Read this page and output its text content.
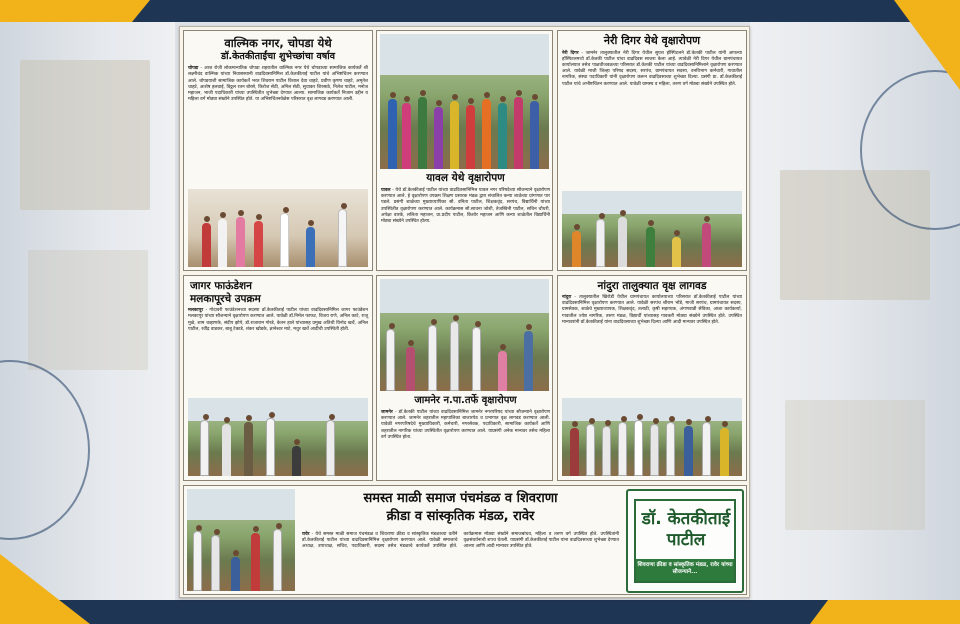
वाल्मिक नगर, चोपडा येथे
डॉ.केतकीताईंचा शुभेच्छांचा वर्षाव
चोपडा - आज रोजी लोकमान्यतिक चोपडा शहरातील वाल्मिक नगर येथे चोपडाच्या सामाजिक कार्यकर्ते श्री लक्ष्मीचंद वाल्मिक यांच्या निवासस्थानी वाढदिवसानिमित्त डॉ.केतकीताई पाटील यांचे अभिष्टचिंतन करण्यात आले. चोपडयाशी सामाजिक कार्यकर्ते भरत शिवराम पाटील विशाल देवा चाहटे, प्रवीण कृष्णा चाहटे, अमृतेश चाहटे, आशेष हलवाई, विठ्ठल रतन बोरसे, किरोज सेठी, अनिल सेठी, सुधाकर शिरसाठे, निलेश पाटील, मनोज महाजन, भाजी पदाधिकारी यांच्या उपस्थितीत शुभेच्छा देण्यात आल्या. सामाजिक कार्यकर्ते निजाम उद्दीन व महिला वर्ग मोठ्या संख्येने उपस्थित होते. या अभिष्टचिंतनवेळेस परिसरात वृक्ष लागवड करण्यात आली.
यावल येथे वृक्षारोपण
यावल - येथे डॉ.केतकीताई पाटील यांच्या वाढदिवसानिमित्त यावल नगर परिषदेच्या सौजन्याने वृक्षारोपण करण्यात आले. हे वृक्षारोपण उपक्रम शिक्षण प्रसारक मंडळ द्वारा संचालित कन्या शाळेच्या प्रांगणात पार पडले. प्रसंगी शाळेच्या मुख्याध्यापिका सौ. वनिता पाटील, शिक्षकवृंद, सरपंच, विद्यार्थिनी यांच्या उपस्थितीत वृक्षारोपण करण्यात आले. कार्यक्रमास सौ.साधना जोशी, तेजस्विनी पाटील, सचिन चौधरी, अपेक्षा वारके, ललिता महाजन, प्रा.प्रदीप पाटील, किशोर महाजन आणि कन्या शाळेतील विद्यार्थिनी मोठ्या संख्येने उपस्थित होत्या.
नेरी दिगर येथे वृक्षारोपण
नेरी दिगर - जामनेर तालुक्यातील नेरी दिगर येथील सुयश हॉस्पिटलने डॉ.केतकी पाटील यांनी आपल्या हॉस्पिटलमध्ये डॉ.केतकी पाटील यांचा वाढदिवस साजरा केला आहे. त्यावेळी नेरी दिगर येथील ग्रामपंचायत कार्यालयात तसेच पाळधीजवळच्या परिसरात डॉ.केतकी पाटील यांच्या वाढदिवसानिमित्ताने वृक्षारोपण करण्यात आले. यावेळी माजी जिल्हा परिषद सदस्य, सरपंच, ग्रामपंचायत सदस्य, वनविभाग कर्मचारी, गावातील नागरिक, संस्था पदाधिकारी यांनी वृक्षारोपण करून वाढदिवसाच्या शुभेच्छा दिल्या. प्रसंगी प्रा. डॉ.केतकीताई पाटील यांचे अभीष्टचिंतन करण्यात आले. यावेळी ग्रामस्थ व महिला, तरुण वर्ग मोठ्या संख्येने उपस्थित होते.
जागर फाऊंडेशन
मलकापूरचे उपक्रम
मलकापूर - गोदावरी फाउंडेशनच्या सदस्या डॉ.केतकीताई पाटील यांच्या वाढदिवसानिमित्त जागर फाउंडेशन मलकापूर यांच्या सौजन्याने वृक्षारोपण करण्यात आले. यावेळी डॉ.निर्मल फाफट, विजय राणे, अनिल काटे, राजू मुळे, शाम चव्हाणके, संदीप झोपे, डॉ.राजाराम गोरडे, केतन हाले यांच्यासह प्रमुख अतिथी विनोद खर्चे, अनिल पाटील, रवींद्र वाडकर, बाबू टेकाडे, शंकर खोडके, ज्ञानेश्वर माटे, मधुर खर्चे आदींची उपस्थिती होती.
जामनेर न.पा.तर्फे वृक्षारोपण
जामनेर - डॉ.केतकी पाटील यांच्या वाढदिवसानिमित्त जामनेर नगरपरिषद यांच्या सौजन्याने वृक्षारोपण करण्यात आले. जामनेर शहरातील महापालिका बाजारपेठ व प्रभागात वृक्ष लागवड करण्यात आली. यावेळी नगरपरिषदेचे मुख्याधिकारी, कर्मचारी, नगरसेवक, पदाधिकारी, सामाजिक कार्यकर्ते आणि शहरातील नागरिक यांच्या उपस्थितीत वृक्षारोपण करण्यात आले. याप्रसंगी अनेक मान्यवर तसेच महिला वर्ग उपस्थित होता.
नांदुरा तालुक्यात वृक्ष लागवड
नांदुरा - तालुक्यातील खिरोडी येथील ग्रामपंचायत कार्यालयाच्या परिसरात डॉ.केतकीताई पाटील यांच्या वाढदिवसानिमित्त वृक्षारोपण करण्यात आले. यावेळी सरपंच श्रीराम भोंडे, माजी सरपंच, ग्रामपंचायत सदस्य, ग्रामसेवक, शाळेचे मुख्याध्यापक, शिक्षकवृंद, तलाठी, कृषी सहाय्यक, अंगणवाडी सेविका, आशा कार्यकर्त्या, गावातील ज्येष्ठ नागरिक, तरुण मंडळ, विद्यार्थी यांच्यासह गावकरी मोठ्या संख्येने उपस्थित होते. उपस्थित मान्यवरांनी डॉ.केतकीताई यांना वाढदिवसाच्या शुभेच्छा दिल्या आणि आदी मान्यवर उपस्थित होते.
समस्त माळी समाज पंचमंडळ व शिवराणा
क्रीडा व सांस्कृतिक मंडळ, रावेर
रावेर - येथे समस्त माळी समाज पंचमंडळ व शिवराणा क्रीडा व सांस्कृतिक मंडळाच्या वतीने डॉ.केतकीताई पाटील यांच्या वाढदिवसानिमित्त वृक्षारोपण करण्यात आले. यावेळी समाजाचे अध्यक्ष, उपाध्यक्ष, सचिव, पदाधिकारी, सदस्य तसेच मंडळाचे कार्यकर्ते उपस्थित होते. कार्यक्रमास मोठ्या संख्येने समाजबांधव, महिला व तरुण वर्ग उपस्थित होते. उपस्थितांनी वृक्षसंवर्धनाची शपथ घेतली. याप्रसंगी डॉ.केतकीताई पाटील यांना वाढदिवसाच्या शुभेच्छा देण्यात आल्या आणि आदी मान्यवर उपस्थित होते.
डॉ. केतकीताई
पाटील
शिवराणा क्रीडा व सांस्कृतिक मंडळ, रावेर यांच्या सौजन्याने...
